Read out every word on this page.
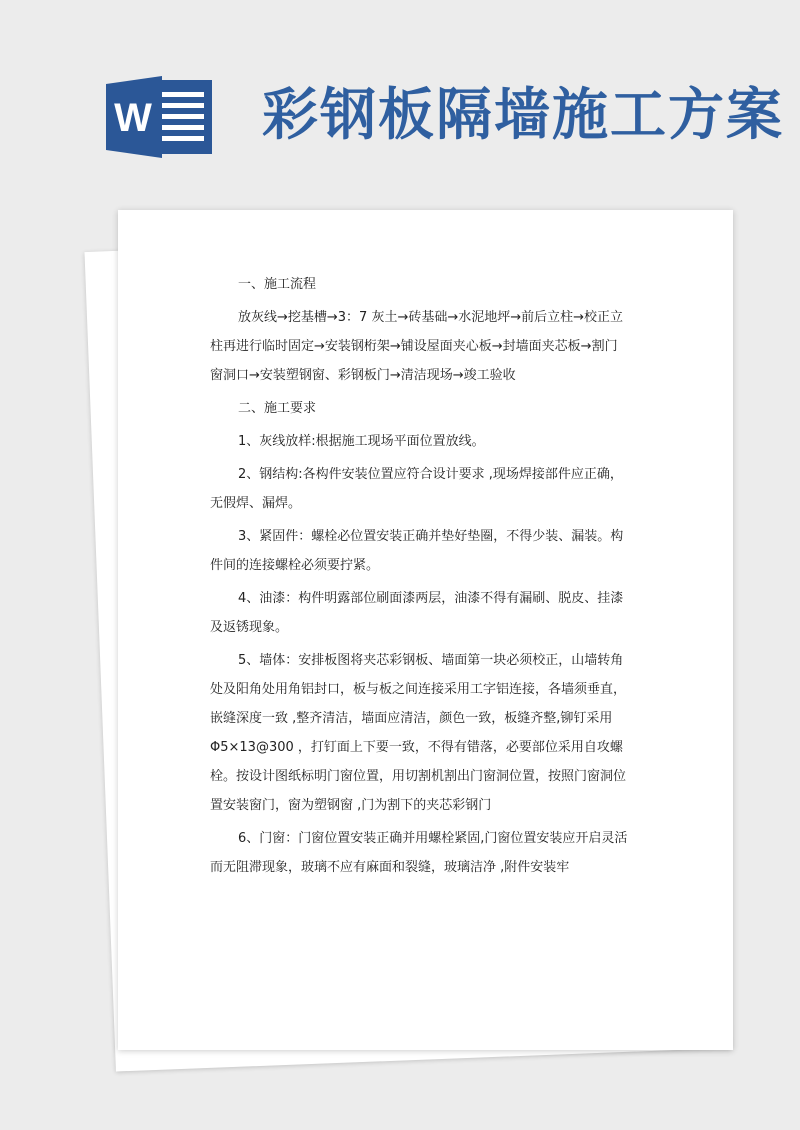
W 彩钢板隔墙施工方案

一、施工流程

放灰线→挖基槽→3：7 灰土→砖基础→水泥地坪→前后立柱→校正立柱再进行临时固定→安装钢桁架→铺设屋面夹心板→封墙面夹芯板→割门窗洞口→安装塑钢窗、彩钢板门→清洁现场→竣工验收

二、施工要求

1、灰线放样:根据施工现场平面位置放线。

2、钢结构:各构件安装位置应符合设计要求 ,现场焊接部件应正确，无假焊、漏焊。

3、紧固件：螺栓必位置安装正确并垫好垫圈，不得少装、漏装。构件间的连接螺栓必须要拧紧。

4、油漆：构件明露部位刷面漆两层，油漆不得有漏刷、脱皮、挂漆及返锈现象。

5、墙体：安排板图将夹芯彩钢板、墙面第一块必须校正，山墙转角处及阳角处用角铝封口，板与板之间连接采用工字铝连接，各墙须垂直，嵌缝深度一致 ,整齐清洁，墙面应清洁，颜色一致，板缝齐整,铆钉采用Φ5×13@300 ，打钉面上下要一致，不得有错落，必要部位采用自攻螺栓。按设计图纸标明门窗位置，用切割机割出门窗洞位置，按照门窗洞位置安装窗门，窗为塑钢窗 ,门为割下的夹芯彩钢门

6、门窗：门窗位置安装正确并用螺栓紧固,门窗位置安装应开启灵活而无阻滞现象，玻璃不应有麻面和裂缝，玻璃洁净 ,附件安装牢
